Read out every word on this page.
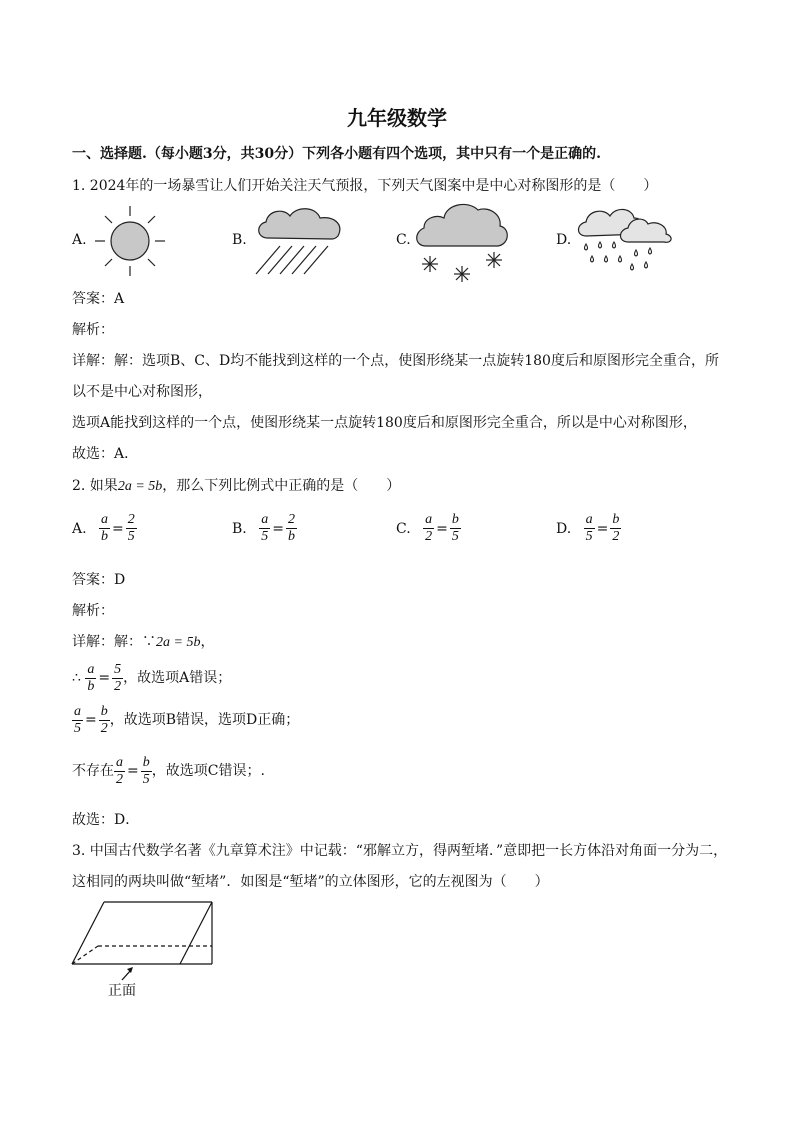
九年级数学
一、选择题.（每小题3分，共30分）下列各小题有四个选项，其中只有一个是正确的.
1. 2024年的一场暴雪让人们开始关注天气预报，下列天气图案中是中心对称图形的是（　　）
A.	B.	C.	D.
答案：A
解析：
详解：解：选项B、C、D均不能找到这样的一个点，使图形绕某一点旋转180度后和原图形完全重合，所
以不是中心对称图形，
选项A能找到这样的一个点，使图形绕某一点旋转180度后和原图形完全重合，所以是中心对称图形，
故选：A．
2. 如果2a = 5b，那么下列比例式中正确的是（　　）
A. $\frac{a}{b} = \frac{2}{5}$	B. $\frac{a}{5} = \frac{2}{b}$	C. $\frac{a}{2} = \frac{b}{5}$	D. $\frac{a}{5} = \frac{b}{2}$
答案：D
解析：
详解：解：∵2a = 5b，
∴ $\frac{a}{b} = \frac{5}{2}$ ，故选项A错误；
$\frac{a}{5} = \frac{b}{2}$ ，故选项B错误，选项D正确；
不存在 $\frac{a}{2} = \frac{b}{5}$ ，故选项C错误；.
故选：D．
3. 中国古代数学名著《九章算术注》中记载：“邪解立方，得两堑堵．”意即把一长方体沿对角面一分为二，
这相同的两块叫做“堑堵”．如图是“堑堵”的立体图形，它的左视图为（　　）
正面
